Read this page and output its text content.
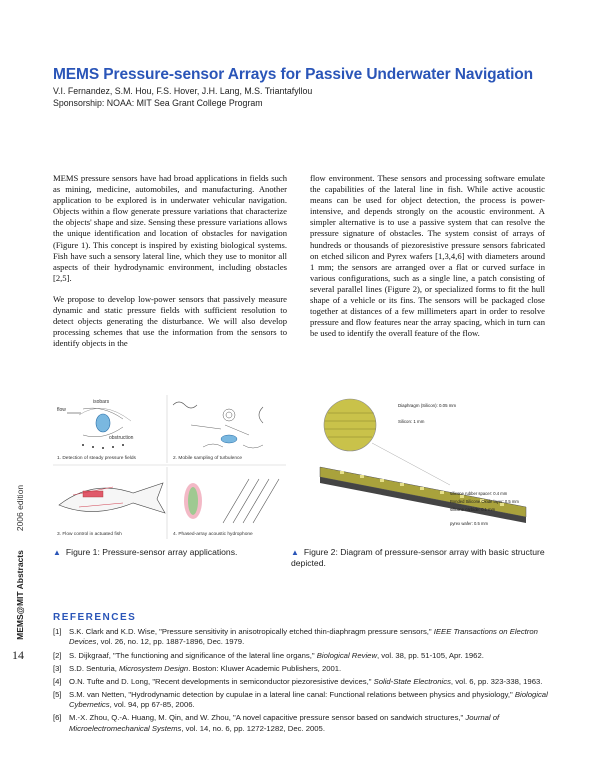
MEMS Pressure-sensor Arrays for Passive Underwater Navigation
V.I. Fernandez, S.M. Hou, F.S. Hover, J.H. Lang, M.S. Triantafyllou
Sponsorship: NOAA: MIT Sea Grant College Program

MEMS pressure sensors have had broad applications in fields such as mining, medicine, automobiles, and manufacturing. Another application to be explored is in underwater vehicular navigation. Objects within a flow generate pressure variations that characterize the objects' shape and size. Sensing these pressure variations allows the unique identification and location of obstacles for navigation (Figure 1). This concept is inspired by existing biological systems. Fish have such a sensory lateral line, which they use to monitor all aspects of their hydrodynamic environment, including obstacles [2,5].

We propose to develop low-power sensors that passively measure dynamic and static pressure fields with sufficient resolution to detect objects generating the disturbance. We will also develop processing schemes that use the information from the sensors to identify objects in the

flow environment. These sensors and processing software emulate the capabilities of the lateral line in fish. While active acoustic means can be used for object detection, the process is power-intensive, and depends strongly on the acoustic environment. A simpler alternative is to use a passive system that can resolve the pressure signature of obstacles. The system consist of arrays of hundreds or thousands of piezoresistive pressure sensors fabricated on etched silicon and Pyrex wafers [1,3,4,6] with diameters around 1 mm; the sensors are arranged over a flat or curved surface in various configurations, such as a single line, a patch consisting of several parallel lines (Figure 2), or specialized forms to fit the hull shape of a vehicle or its fins. The sensors will be packaged close together at distances of a few millimeters apart in order to resolve pressure and flow features near the array spacing, which in turn can be used to identify the overall feature of the flow.

flow
isobars
obstruction
1. Detection of steady pressure fields	2. Mobile sampling of turbulence
3. Flow control in actuated fish	4. Phased-array acoustic hydrophone
Diaphragm (Silicon): 0.05 mm
Silicon: 1 mm
silicone rubber spacer: 0.4 mm
Bonded Silicone Oxide layer: 0.5 mm
silicone carbide: 0.1 mm
pyrex wafer: 0.5 mm
▲ Figure 1: Pressure-sensor array applications.	▲ Figure 2: Diagram of pressure-sensor array with basic structure depicted.
2006 edition
MEMS@MIT Abstracts
14
REFERENCES
[1] S.K. Clark and K.D. Wise, "Pressure sensitivity in anisotropically etched thin-diaphragm pressure sensors," IEEE Transactions on Electron Devices, vol. 26, no. 12, pp. 1887-1896, Dec. 1979.
[2] S. Dijkgraaf, "The functioning and significance of the lateral line organs," Biological Review, vol. 38, pp. 51-105, Apr. 1962.
[3] S.D. Senturia, Microsystem Design. Boston: Kluwer Academic Publishers, 2001.
[4] O.N. Tufte and D. Long, "Recent developments in semiconductor piezoresistive devices," Solid-State Electronics, vol. 6, pp. 323-338, 1963.
[5] S.M. van Netten, "Hydrodynamic detection by cupulae in a lateral line canal: Functional relations between physics and physiology," Biological Cybernetics, vol. 94, pp 67-85, 2006.
[6] M.-X. Zhou, Q.-A. Huang, M. Qin, and W. Zhou, "A novel capacitive pressure sensor based on sandwich structures," Journal of Microelectromechanical Systems, vol. 14, no. 6, pp. 1272-1282, Dec. 2005.
